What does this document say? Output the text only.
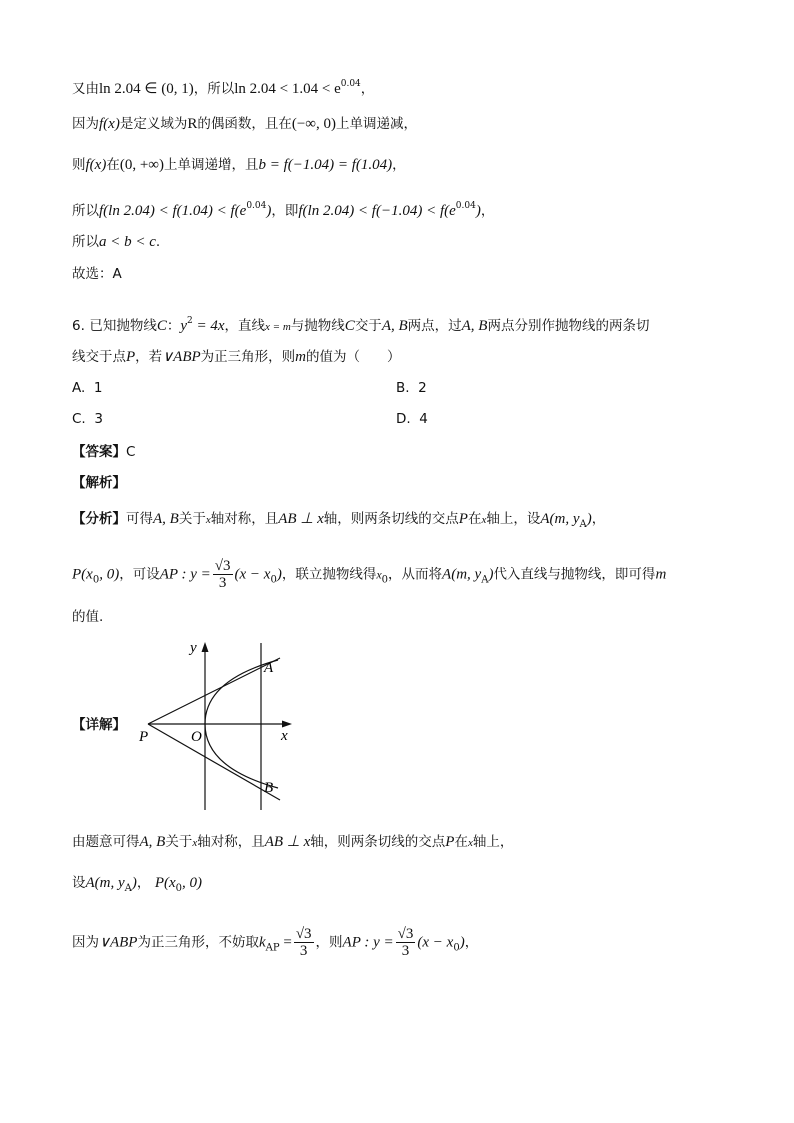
又由ln 2.04 ∈ (0, 1)，所以$\ln 2.04 < 1.04 < e^{0.04}$，
因为f(x)是定义域为R的偶函数，且在(−∞, 0)上单调递减，
则f(x)在(0, +∞)上单调递增，且b = f(−1.04) = f(1.04)，
所以f(ln $2.04) < f(1.04) < f(e^{0.04})$，即f(ln $2.04) < f(-1.04) < f(e^{0.04})$，
所以a < b < c.
故选：A
6. 已知抛物线C：$y^2 = 4x$，直线x = m与抛物线C交于A, B两点，过A, B两点分别作抛物线的两条切
线交于点P，若∨ABP为正三角形，则m的值为（　　）
A. 1	B. 2
C. 3	D. 4
【答案】C
【解析】
【分析】可得A, B关于x轴对称，且AB ⊥ x轴，则两条切线的交点P在x轴上，设A(m, $y_A$)，
$P(x_0$, 0)，可设AP : $y = \frac{√3}{3} (x - x_0)$，联立抛物线得$x_0$，从而将A(m, $y_A$)代入直线与抛物线，即可得m
的值.
【详解】
y
x
A
B
O
P
由题意可得A, B关于x轴对称，且AB ⊥ x轴，则两条切线的交点P在x轴上，
设A(m, $y_A$)， $P(x_0$, 0)
因为∨ABP为正三角形，不妨取$k_{AP} = \frac{√3}{3}$ ，则AP : $y = \frac{√3}{3} (x - x_0)$，
